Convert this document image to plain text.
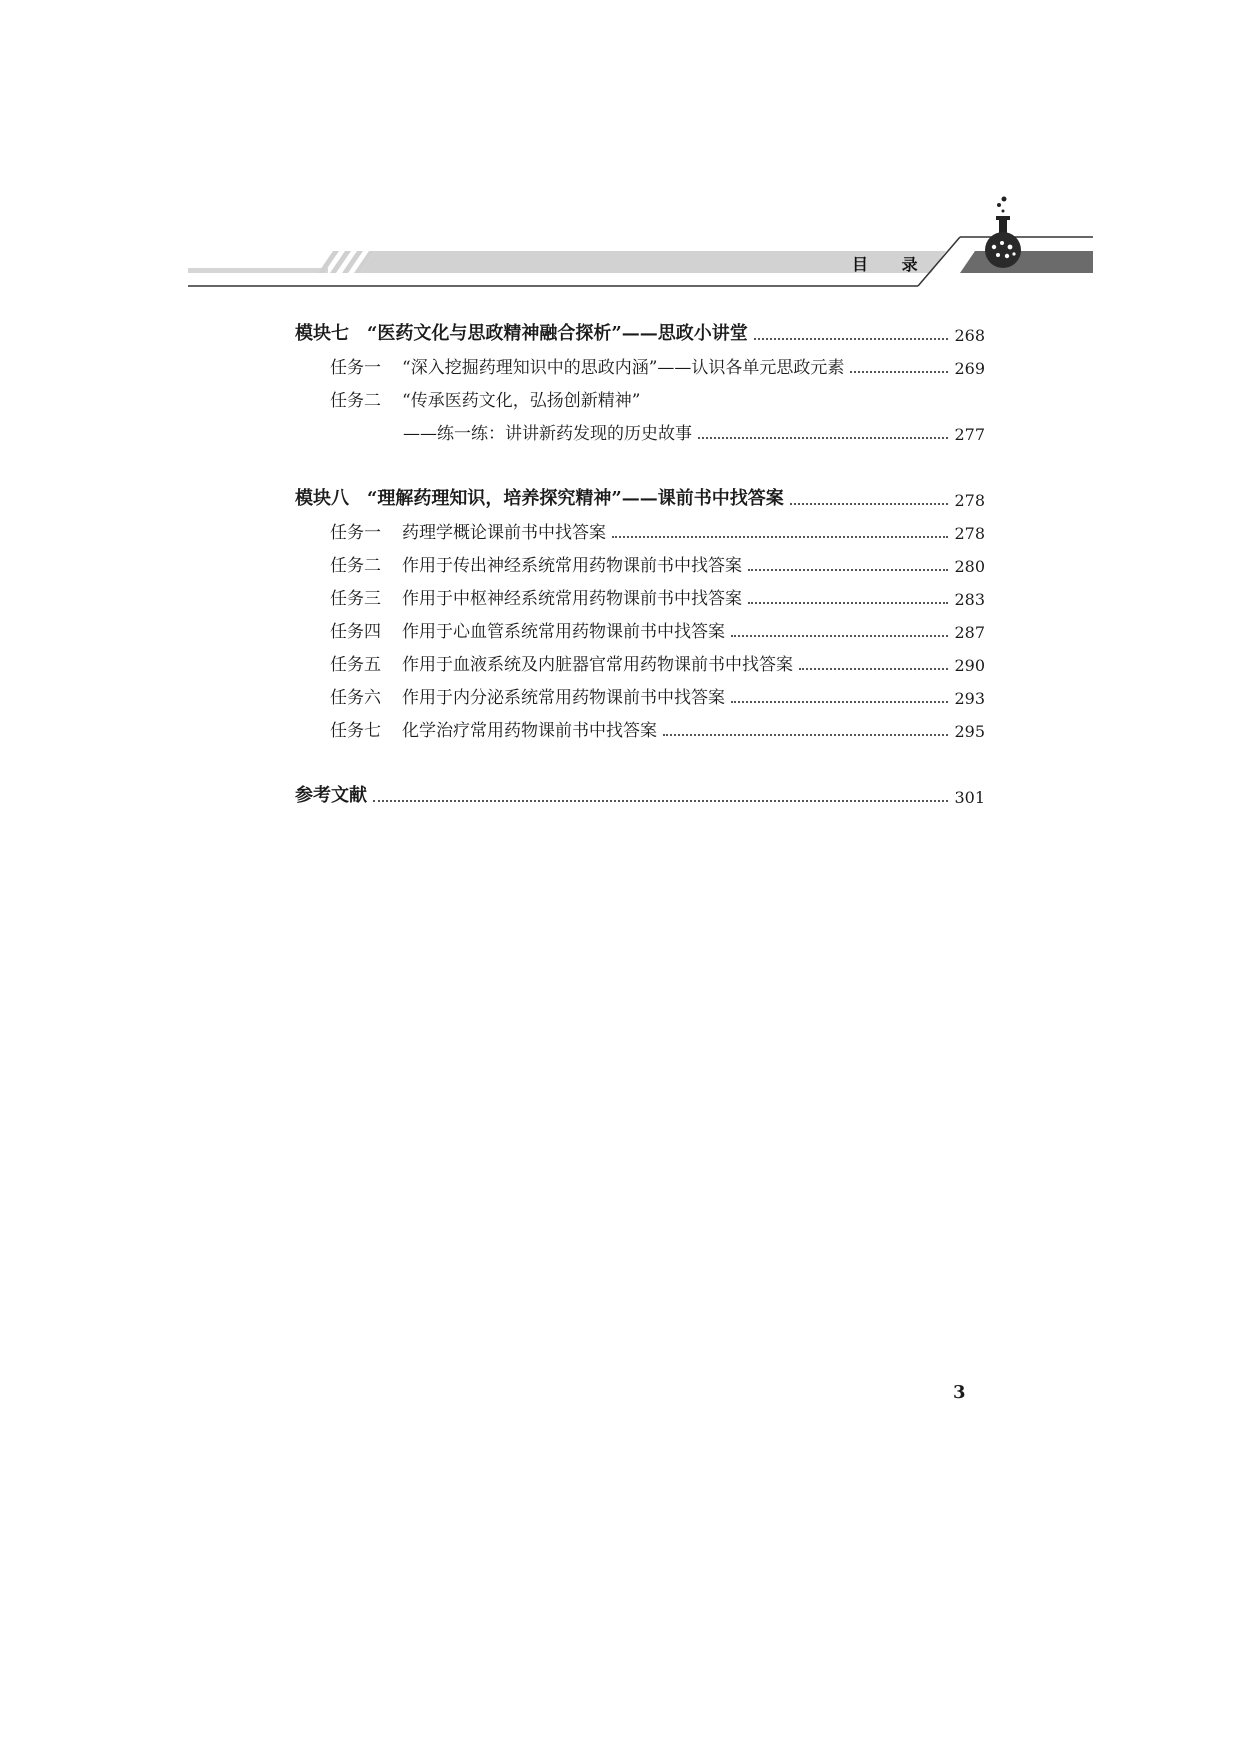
目 录
模块七	“医药文化与思政精神融合探析”——思政小讲堂	268
任务一	“深入挖掘药理知识中的思政内涵”——认识各单元思政元素	269
任务二	“传承医药文化，弘扬创新精神”
——练一练：讲讲新药发现的历史故事	277
模块八	“理解药理知识，培养探究精神”——课前书中找答案	278
任务一	药理学概论课前书中找答案	278
任务二	作用于传出神经系统常用药物课前书中找答案	280
任务三	作用于中枢神经系统常用药物课前书中找答案	283
任务四	作用于心血管系统常用药物课前书中找答案	287
任务五	作用于血液系统及内脏器官常用药物课前书中找答案	290
任务六	作用于内分泌系统常用药物课前书中找答案	293
任务七	化学治疗常用药物课前书中找答案	295
参考文献	301
3
